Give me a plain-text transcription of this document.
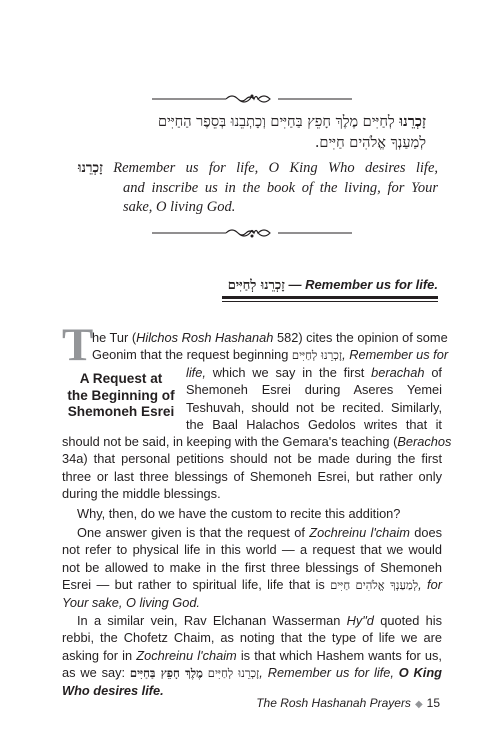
זָכְרֵנוּ לְחַיִּים מֶלֶךְ חָפֵץ בַּחַיִּים וְכָתְבֵנוּ בְּסֵפֶר הַחַיִּים
לְמַעַנְךָ אֱלֹהִים חַיִּים.
זָכְרֵנוּ Remember us for life, O King Who desires life,
and inscribe us in the book of the living, for Your
sake, O living God.
זָכְרֵנוּ לְחַיִּים — Remember us for life.
T
he Tur (Hilchos Rosh Hashanah 582) cites the opinion of some
Geonim that the request beginning זָכְרֵנוּ לְחַיִּים, Remember us for
A Request at
the Beginning of
Shemoneh Esrei
life, which we say in the first berachah of
Shemoneh Esrei during Aseres Yemei
Teshuvah, should not be recited. Similarly,
the Baal Halachos Gedolos writes that it
should not be said, in keeping with the Gemara's teaching (Berachos
34a) that personal petitions should not be made during the first
three or last three blessings of Shemoneh Esrei, but rather only
during the middle blessings.
Why, then, do we have the custom to recite this addition?
One answer given is that the request of Zochreinu l'chaim does
not refer to physical life in this world — a request that we would
not be allowed to make in the first three blessings of Shemoneh
Esrei — but rather to spiritual life, life that is לְמַעַנְךָ אֱלֹהִים חַיִּים, for
Your sake, O living God.
In a similar vein, Rav Elchanan Wasserman Hy"d quoted his
rebbi, the Chofetz Chaim, as noting that the type of life we are
asking for in Zochreinu l'chaim is that which Hashem wants for us,
as we say:	זָכְרֵנוּ לְחַיִּים מֶלֶךְ חָפֵץ בַּחַיִּים	, Remember us for life, O King
Who desires life.
The Rosh Hashanah Prayers ◆ 15
